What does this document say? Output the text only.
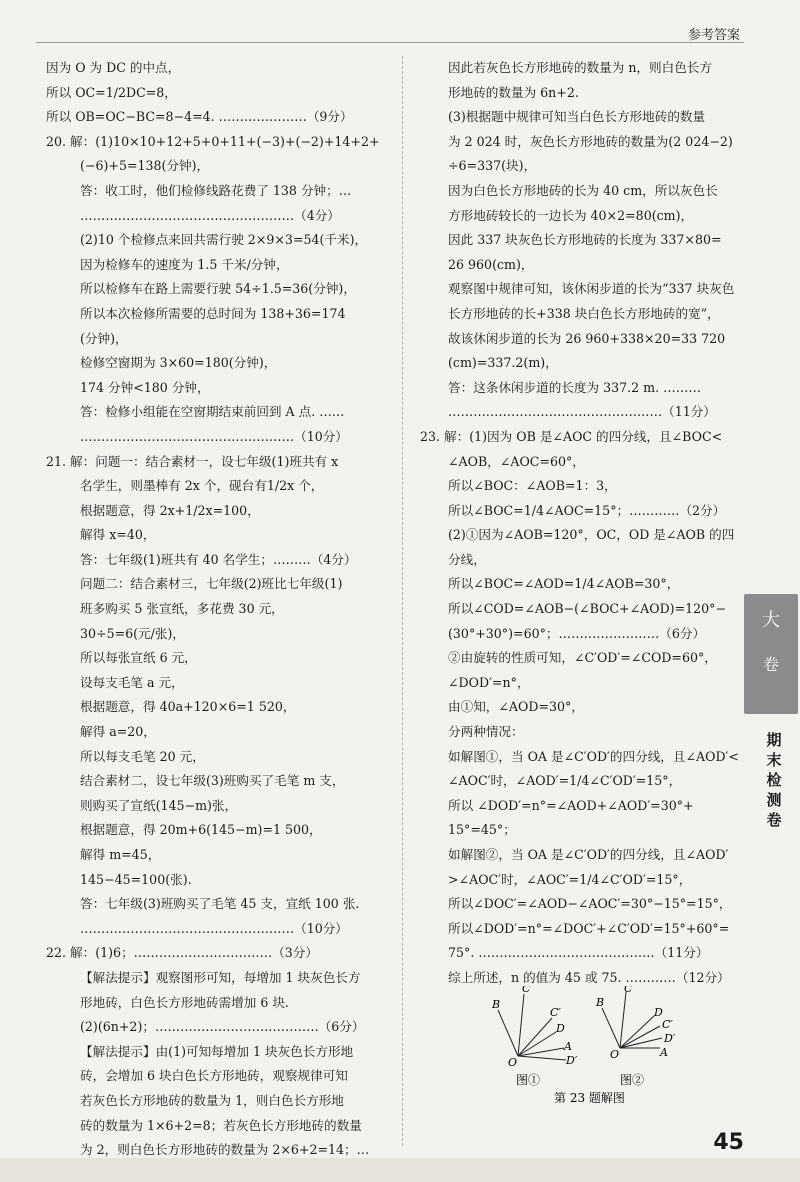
参考答案
因为 O 为 DC 的中点，
所以 OC=1/2DC=8，
所以 OB=OC−BC=8−4=4. …………………（9分）
20. 解：(1)10×10+12+5+0+11+(−3)+(−2)+14+2+
(−6)+5=138(分钟)，
答：收工时，他们检修线路花费了 138 分钟；…
……………………………………………（4分）
(2)10 个检修点来回共需行驶 2×9×3=54(千米)，
因为检修车的速度为 1.5 千米/分钟，
所以检修车在路上需要行驶 54÷1.5=36(分钟)，
所以本次检修所需要的总时间为 138+36=174
(分钟)，
检修空窗期为 3×60=180(分钟)，
174 分钟<180 分钟，
答：检修小组能在空窗期结束前回到 A 点. ……
……………………………………………（10分）
21. 解：问题一：结合素材一，设七年级(1)班共有 x
名学生，则墨棒有 2x 个，砚台有1/2x 个，
根据题意，得 2x+1/2x=100，
解得 x=40，
答：七年级(1)班共有 40 名学生；………（4分）
问题二：结合素材三，七年级(2)班比七年级(1)
班多购买 5 张宣纸，多花费 30 元，
30÷5=6(元/张)，
所以每张宣纸 6 元，
设每支毛笔 a 元，
根据题意，得 40a+120×6=1 520，
解得 a=20，
所以每支毛笔 20 元，
结合素材二，设七年级(3)班购买了毛笔 m 支，
则购买了宣纸(145−m)张，
根据题意，得 20m+6(145−m)=1 500，
解得 m=45，
145−45=100(张).
答：七年级(3)班购买了毛笔 45 支，宣纸 100 张.
……………………………………………（10分）
22. 解：(1)6；……………………………（3分）
【解法提示】观察图形可知，每增加 1 块灰色长方
形地砖，白色长方形地砖需增加 6 块.
(2)(6n+2)；…………………………………（6分）
【解法提示】由(1)可知每增加 1 块灰色长方形地
砖，会增加 6 块白色长方形地砖，观察规律可知
若灰色长方形地砖的数量为 1，则白色长方形地
砖的数量为 1×6+2=8；若灰色长方形地砖的数量
为 2，则白色长方形地砖的数量为 2×6+2=14；…
因此若灰色长方形地砖的数量为 n，则白色长方
形地砖的数量为 6n+2.
(3)根据题中规律可知当白色长方形地砖的数量
为 2 024 时，灰色长方形地砖的数量为(2 024−2)
÷6=337(块)，
因为白色长方形地砖的长为 40 cm，所以灰色长
方形地砖较长的一边长为 40×2=80(cm)，
因此 337 块灰色长方形地砖的长度为 337×80=
26 960(cm)，
观察图中规律可知，该休闲步道的长为“337 块灰色
长方形地砖的长+338 块白色长方形地砖的宽”，
故该休闲步道的长为 26 960+338×20=33 720
(cm)=337.2(m)，
答：这条休闲步道的长度为 337.2 m. ………
……………………………………………（11分）
23. 解：(1)因为 OB 是∠AOC 的四分线，且∠BOC<
∠AOB，∠AOC=60°，
所以∠BOC：∠AOB=1：3，
所以∠BOC=1/4∠AOC=15°；…………（2分）
(2)①因为∠AOB=120°，OC，OD 是∠AOB 的四
分线，
所以∠BOC=∠AOD=1/4∠AOB=30°，
所以∠COD=∠AOB−(∠BOC+∠AOD)=120°−
(30°+30°)=60°；……………………（6分）
②由旋转的性质可知，∠C′OD′=∠COD=60°，
∠DOD′=n°，
由①知，∠AOD=30°，
分两种情况：
如解图①，当 OA 是∠C′OD′的四分线，且∠AOD′<
∠AOC′时，∠AOD′=1/4∠C′OD′=15°，
所以 ∠DOD′=n°=∠AOD+∠AOD′=30°+
15°=45°；
如解图②，当 OA 是∠C′OD′的四分线，且∠AOD′
>∠AOC′时，∠AOC′=1/4∠C′OD′=15°，
所以∠DOC′=∠AOD−∠AOC′=30°−15°=15°，
所以∠DOD′=n°=∠DOC′+∠C′OD′=15°+60°=
75°. ……………………………………（11分）
综上所述，n 的值为 45 或 75. …………（12分）
大
卷
期末检测卷
B
C
C′
D
A
D′
O
图①
B
C
D
C′
D′
A
O
图②
第 23 题解图
45
